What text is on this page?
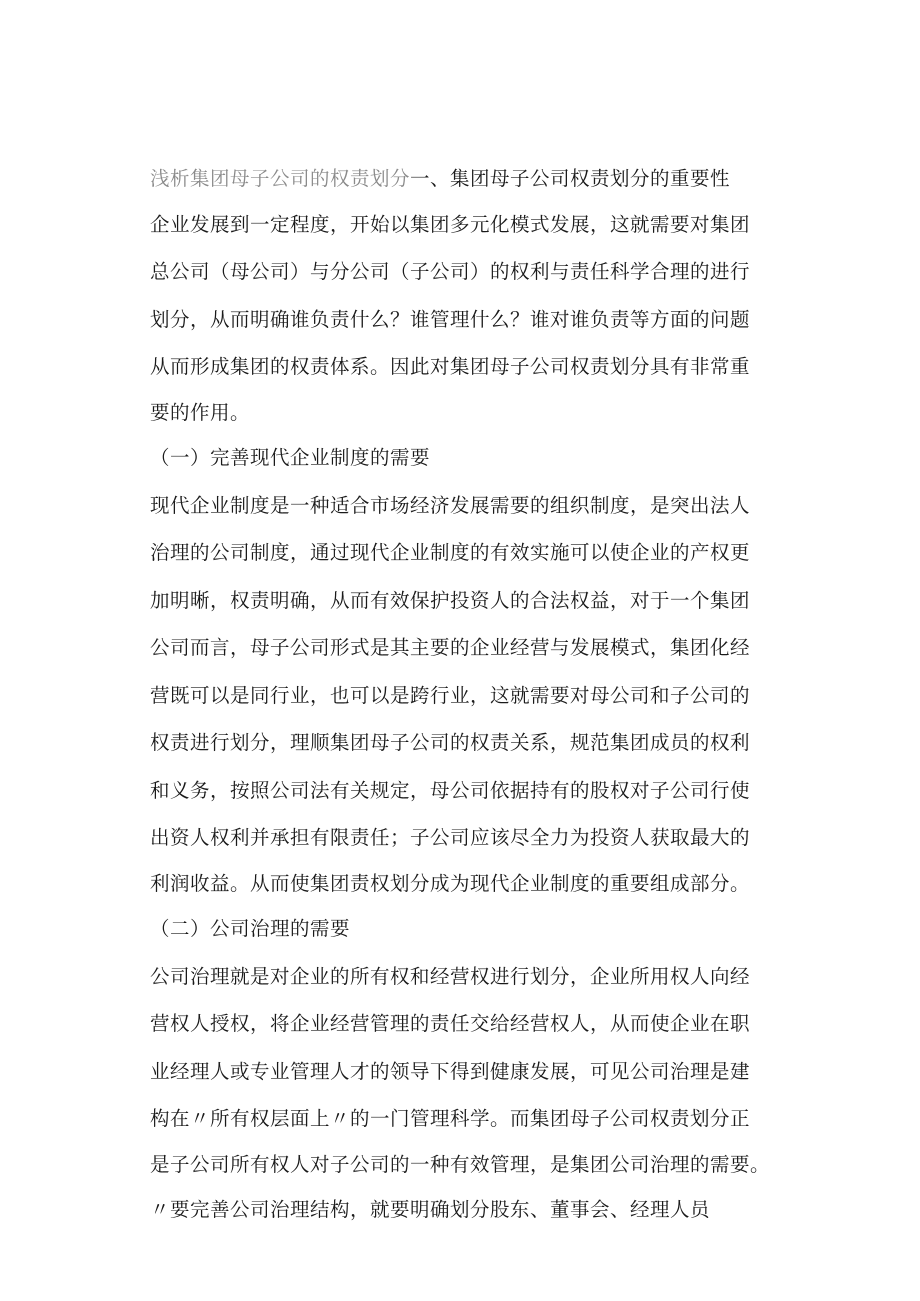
浅析集团母子公司的权责划分一、集团母子公司权责划分的重要性
企业发展到一定程度，开始以集团多元化模式发展，这就需要对集团
总公司（母公司）与分公司（子公司）的权利与责任科学合理的进行
划分，从而明确谁负责什么？谁管理什么？谁对谁负责等方面的问题
从而形成集团的权责体系。因此对集团母子公司权责划分具有非常重
要的作用。
（一）完善现代企业制度的需要
现代企业制度是一种适合市场经济发展需要的组织制度，是突出法人
治理的公司制度，通过现代企业制度的有效实施可以使企业的产权更
加明晰，权责明确，从而有效保护投资人的合法权益，对于一个集团
公司而言，母子公司形式是其主要的企业经营与发展模式，集团化经
营既可以是同行业，也可以是跨行业，这就需要对母公司和子公司的
权责进行划分，理顺集团母子公司的权责关系，规范集团成员的权利
和义务，按照公司法有关规定，母公司依据持有的股权对子公司行使
出资人权利并承担有限责任；子公司应该尽全力为投资人获取最大的
利润收益。从而使集团责权划分成为现代企业制度的重要组成部分。
（二）公司治理的需要
公司治理就是对企业的所有权和经营权进行划分，企业所用权人向经
营权人授权，将企业经营管理的责任交给经营权人，从而使企业在职
业经理人或专业管理人才的领导下得到健康发展，可见公司治理是建
构在〃所有权层面上〃的一门管理科学。而集团母子公司权责划分正
是子公司所有权人对子公司的一种有效管理，是集团公司治理的需要。
〃要完善公司治理结构，就要明确划分股东、董事会、经理人员
